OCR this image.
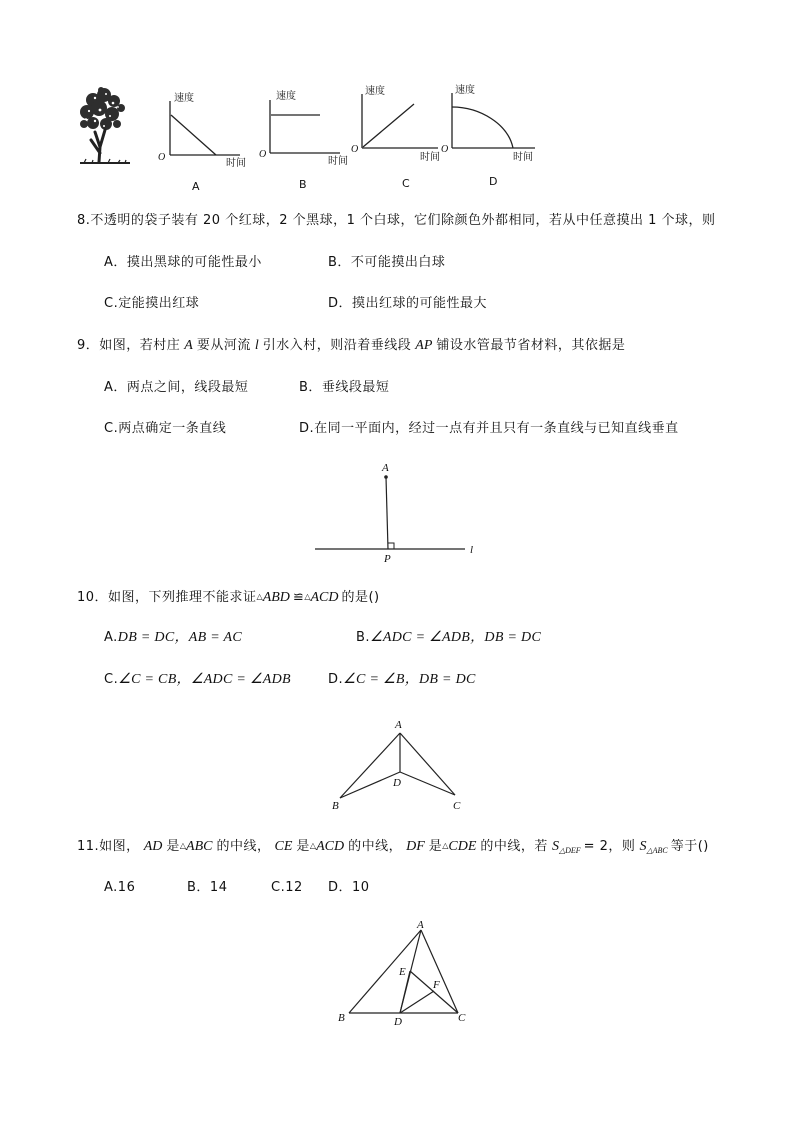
速度
O
时间
A
速度
O
时间
B
速度
O
时间
C
速度
O
时间
D
A
P
l
A
B	C
D
A
B	C
D
E
F
8.不透明的袋子装有 20 个红球，2 个黑球，1 个白球，它们除颜色外都相同，若从中任意摸出 1 个球，则
A．摸出黑球的可能性最小	B．不可能摸出白球
C.定能摸出红球	D．摸出红球的可能性最大
9．如图，若村庄 A 要从河流 l 引水入村，则沿着垂线段 AP 铺设水管最节省材料，其依据是
A．两点之间，线段最短	B．垂线段最短
C.两点确定一条直线	D.在同一平面内，经过一点有并且只有一条直线与已知直线垂直
10．如图，下列推理不能求证△ABD ≌△ACD 的是()
A.DB = DC，AB = AC	B.∠ADC = ∠ADB，DB = DC
C.∠C = CB，∠ADC = ∠ADB	D.∠C = ∠B，DB = DC
11.如图， AD 是△ABC 的中线， CE 是△ACD 的中线， DF 是△CDE 的中线，若 $S_{\triangle DEF} = 2$，则 $S_{\triangle ABC}$ 等于()
A.16	B．14	C.12 D．10
